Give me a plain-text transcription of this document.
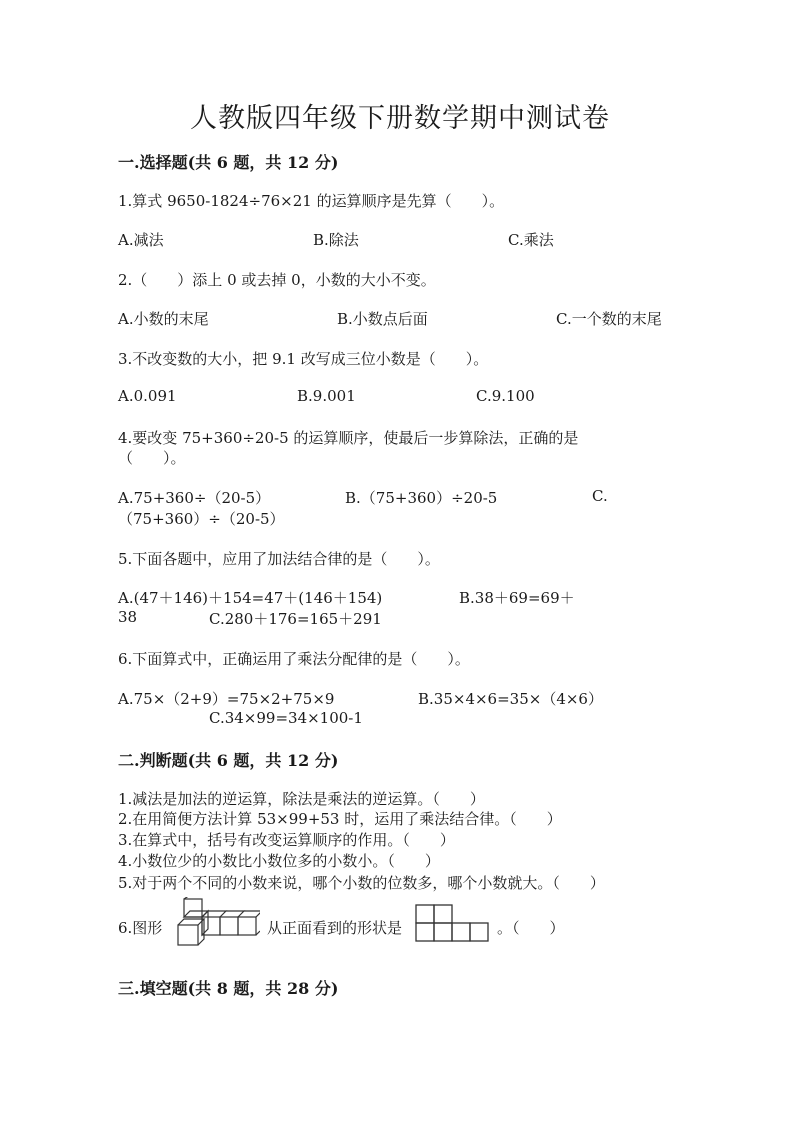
人教版四年级下册数学期中测试卷
一.选择题(共 6 题，共 12 分)
1.算式 9650-1824÷76×21 的运算顺序是先算（　　）。
A.减法	B.除法	C.乘法
2.（　　）添上 0 或去掉 0，小数的大小不变。
A.小数的末尾	B.小数点后面	C.一个数的末尾
3.不改变数的大小，把 9.1 改写成三位小数是（　　）。
A.0.091	B.9.001	C.9.100
4.要改变 75+360÷20-5 的运算顺序，使最后一步算除法，正确的是
（　　）。
A.75+360÷（20-5）	B.（75+360）÷20-5	C.
（75+360）÷（20-5）
5.下面各题中，应用了加法结合律的是（　　）。
A.(47＋146)＋154=47＋(146＋154)	B.38＋69=69＋
38	C.280＋176=165＋291
6.下面算式中，正确运用了乘法分配律的是（　　）。
A.75×（2+9）=75×2+75×9	B.35×4×6=35×（4×6）
C.34×99=34×100-1
二.判断题(共 6 题，共 12 分)
1.减法是加法的逆运算，除法是乘法的逆运算。（　　）
2.在用简便方法计算 53×99+53 时，运用了乘法结合律。（　　）
3.在算式中，括号有改变运算顺序的作用。（　　）
4.小数位少的小数比小数位多的小数小。（　　）
5.对于两个不同的小数来说，哪个小数的位数多，哪个小数就大。（　　）
6.图形	从正面看到的形状是	。（　　）
三.填空题(共 8 题，共 28 分)
